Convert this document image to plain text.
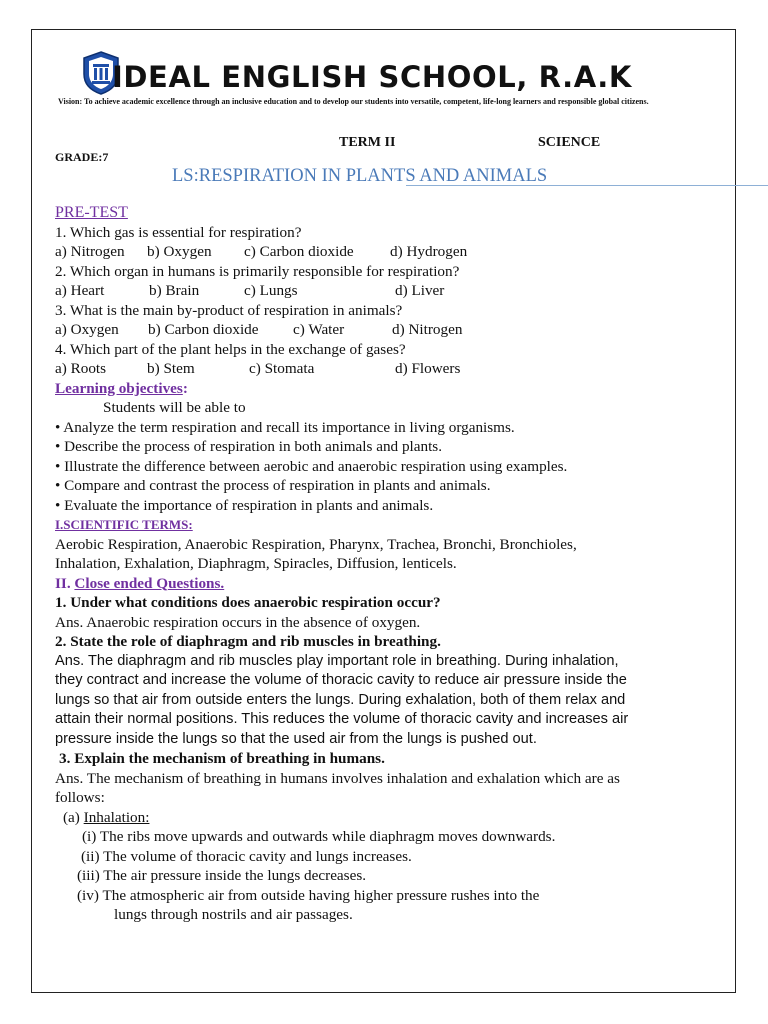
IDEAL ENGLISH SCHOOL, R.A.K
Vision: To achieve academic excellence through an inclusive education and to develop our students into versatile, competent, life-long learners and responsible global citizens.
TERM II	SCIENCE
GRADE:7
LS:RESPIRATION IN PLANTS AND ANIMALS
PRE-TEST
1. Which gas is essential for respiration?
a) Nitrogen b) Oxygen c) Carbon dioxide d) Hydrogen
2. Which organ in humans is primarily responsible for respiration?
a) Heart	b) Brain	c) Lungs	d) Liver
3. What is the main by-product of respiration in animals?
a) Oxygen b) Carbon dioxide c) Water	d) Nitrogen
4. Which part of the plant helps in the exchange of gases?
a) Roots	b) Stem	c) Stomata	d) Flowers
Learning objectives:
Students will be able to
• Analyze the term respiration and recall its importance in living organisms.
• Describe the process of respiration in both animals and plants.
• Illustrate the difference between aerobic and anaerobic respiration using examples.
• Compare and contrast the process of respiration in plants and animals.
• Evaluate the importance of respiration in plants and animals.
I.SCIENTIFIC TERMS:
Aerobic Respiration, Anaerobic Respiration, Pharynx, Trachea, Bronchi, Bronchioles,
Inhalation, Exhalation, Diaphragm, Spiracles, Diffusion, lenticels.
II. Close ended Questions.
1. Under what conditions does anaerobic respiration occur?
Ans. Anaerobic respiration occurs in the absence of oxygen.
2. State the role of diaphragm and rib muscles in breathing.
Ans. The diaphragm and rib muscles play important role in breathing. During inhalation,
they contract and increase the volume of thoracic cavity to reduce air pressure inside the
lungs so that air from outside enters the lungs. During exhalation, both of them relax and
attain their normal positions. This reduces the volume of thoracic cavity and increases air
pressure inside the lungs so that the used air from the lungs is pushed out.
3. Explain the mechanism of breathing in humans.
Ans. The mechanism of breathing in humans involves inhalation and exhalation which are as
follows:
(a) Inhalation:
(i) The ribs move upwards and outwards while diaphragm moves downwards.
(ii) The volume of thoracic cavity and lungs increases.
(iii) The air pressure inside the lungs decreases.
(iv) The atmospheric air from outside having higher pressure rushes into the
lungs through nostrils and air passages.
